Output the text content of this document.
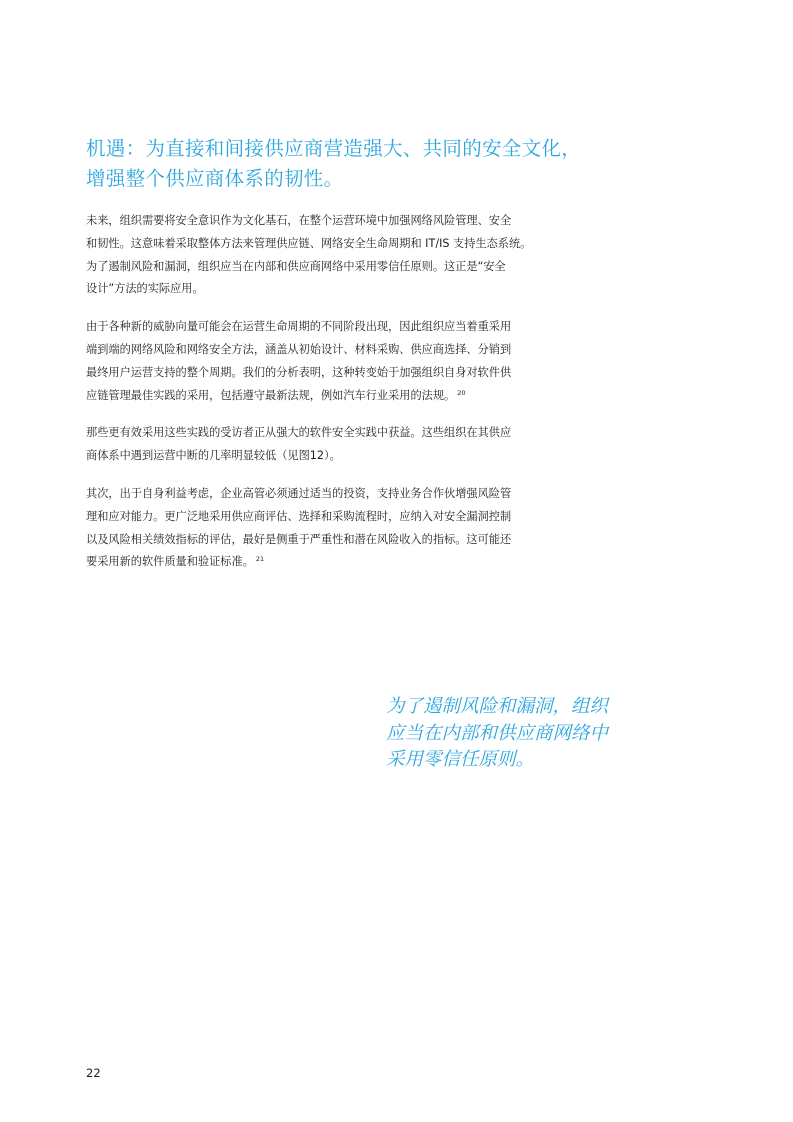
机遇：为直接和间接供应商营造强大、共同的安全文化，
增强整个供应商体系的韧性。

未来，组织需要将安全意识作为文化基石，在整个运营环境中加强网络风险管理、安全
和韧性。这意味着采取整体方法来管理供应链、网络安全生命周期和 IT/IS 支持生态系统。
为了遏制风险和漏洞，组织应当在内部和供应商网络中采用零信任原则。这正是“安全
设计”方法的实际应用。

由于各种新的威胁向量可能会在运营生命周期的不同阶段出现，因此组织应当着重采用
端到端的网络风险和网络安全方法，涵盖从初始设计、材料采购、供应商选择、分销到
最终用户运营支持的整个周期。我们的分析表明，这种转变始于加强组织自身对软件供
应链管理最佳实践的采用，包括遵守最新法规，例如汽车行业采用的法规。 $^{20}$

那些更有效采用这些实践的受访者正从强大的软件安全实践中获益。这些组织在其供应
商体系中遇到运营中断的几率明显较低（见图12）。

其次，出于自身利益考虑，企业高管必须通过适当的投资，支持业务合作伙增强风险管
理和应对能力。更广泛地采用供应商评估、选择和采购流程时，应纳入对安全漏洞控制
以及风险相关绩效指标的评估，最好是侧重于严重性和潜在风险收入的指标。这可能还
要采用新的软件质量和验证标准。 $^{21}$

为了遏制风险和漏洞，组织
应当在内部和供应商网络中
采用零信任原则。
22
